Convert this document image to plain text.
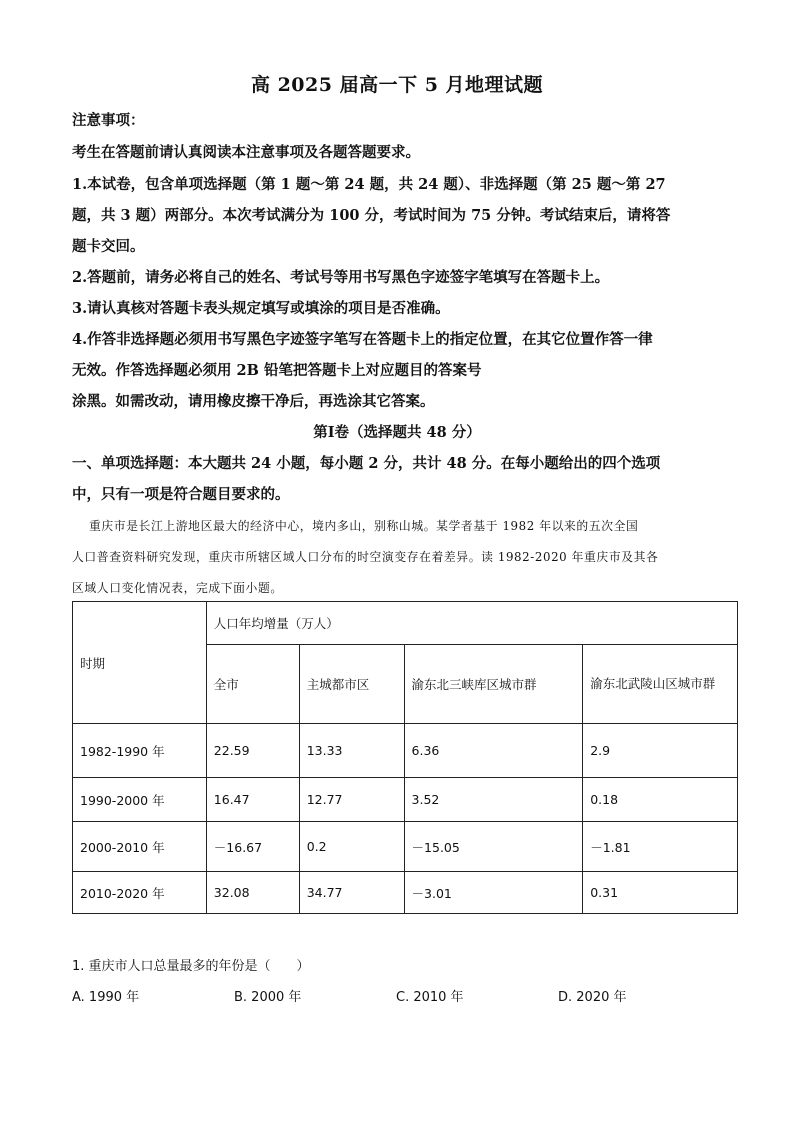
高 2025 届高一下 5 月地理试题
注意事项：
考生在答题前请认真阅读本注意事项及各题答题要求。
1.本试卷，包含单项选择题（第 1 题～第 24 题，共 24 题）、非选择题（第 25 题～第 27
题，共 3 题）两部分。本次考试满分为 100 分，考试时间为 75 分钟。考试结束后，请将答
题卡交回。
2.答题前，请务必将自己的姓名、考试号等用书写黑色字迹签字笔填写在答题卡上。
3.请认真核对答题卡表头规定填写或填涂的项目是否准确。
4.作答非选择题必须用书写黑色字迹签字笔写在答题卡上的指定位置，在其它位置作答一律
无效。作答选择题必须用 2B 铅笔把答题卡上对应题目的答案号
涂黑。如需改动，请用橡皮擦干净后，再选涂其它答案。
第Ⅰ卷（选择题共 48 分）
一、单项选择题：本大题共 24 小题，每小题 2 分，共计 48 分。在每小题给出的四个选项
中，只有一项是符合题目要求的。
重庆市是长江上游地区最大的经济中心，境内多山，别称山城。某学者基于 1982 年以来的五次全国
人口普查资料研究发现，重庆市所辖区域人口分布的时空演变存在着差异。读 1982-2020 年重庆市及其各
区域人口变化情况表，完成下面小题。
时期	人口年均增量（万人）			
	全市	主城都市区	渝东北三峡库区城市群	渝东北武陵山区城市群
1982-1990 年	22.59	13.33	6.36	2.9
1990-2000 年	16.47	12.77	3.52	0.18
2000-2010 年	－16.67	0.2	－15.05	－1.81
2010-2020 年	32.08	34.77	－3.01	0.31
1. 重庆市人口总量最多的年份是（　　）
A. 1990 年	B. 2000 年	C. 2010 年	D. 2020 年
